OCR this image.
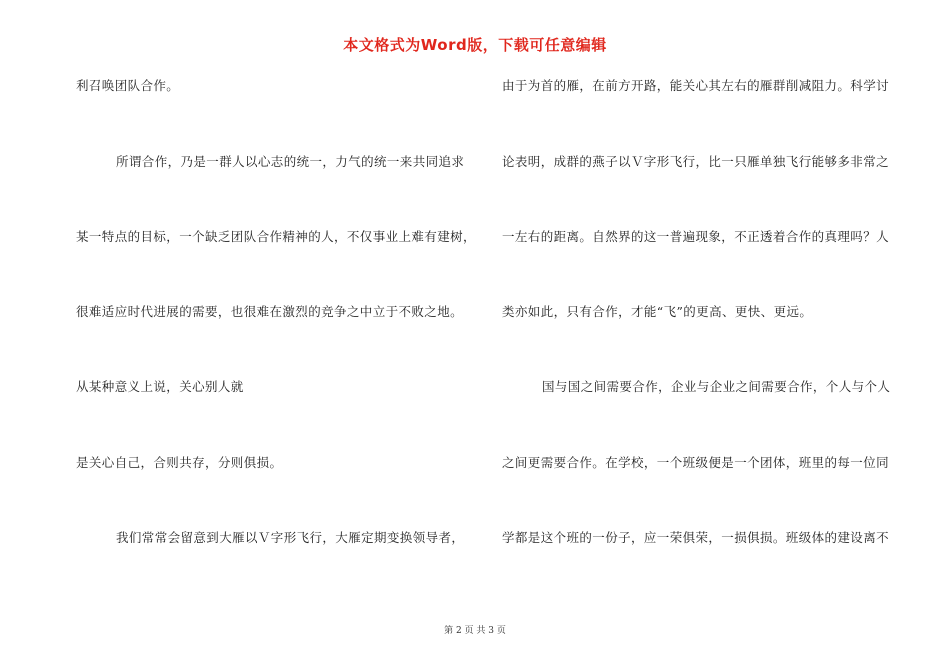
本文格式为Word版，下载可任意编辑
利召唤团队合作。
所谓合作，乃是一群人以心志的统一，力气的统一来共同追求
某一特点的目标，一个缺乏团队合作精神的人，不仅事业上难有建树，
很难适应时代进展的需要，也很难在激烈的竞争之中立于不败之地。
从某种意义上说，关心别人就
是关心自己，合则共存，分则俱损。
我们常常会留意到大雁以Ｖ字形飞行，大雁定期变换领导者，
由于为首的雁，在前方开路，能关心其左右的雁群削减阻力。科学讨
论表明，成群的燕子以Ｖ字形飞行，比一只雁单独飞行能够多非常之
一左右的距离。自然界的这一普遍现象，不正透着合作的真理吗？人
类亦如此，只有合作，才能“飞”的更高、更快、更远。
国与国之间需要合作，企业与企业之间需要合作，个人与个人
之间更需要合作。在学校，一个班级便是一个团体，班里的每一位同
学都是这个班的一份子，应一荣俱荣，一损俱损。班级体的建设离不
第 2 页 共 3 页
